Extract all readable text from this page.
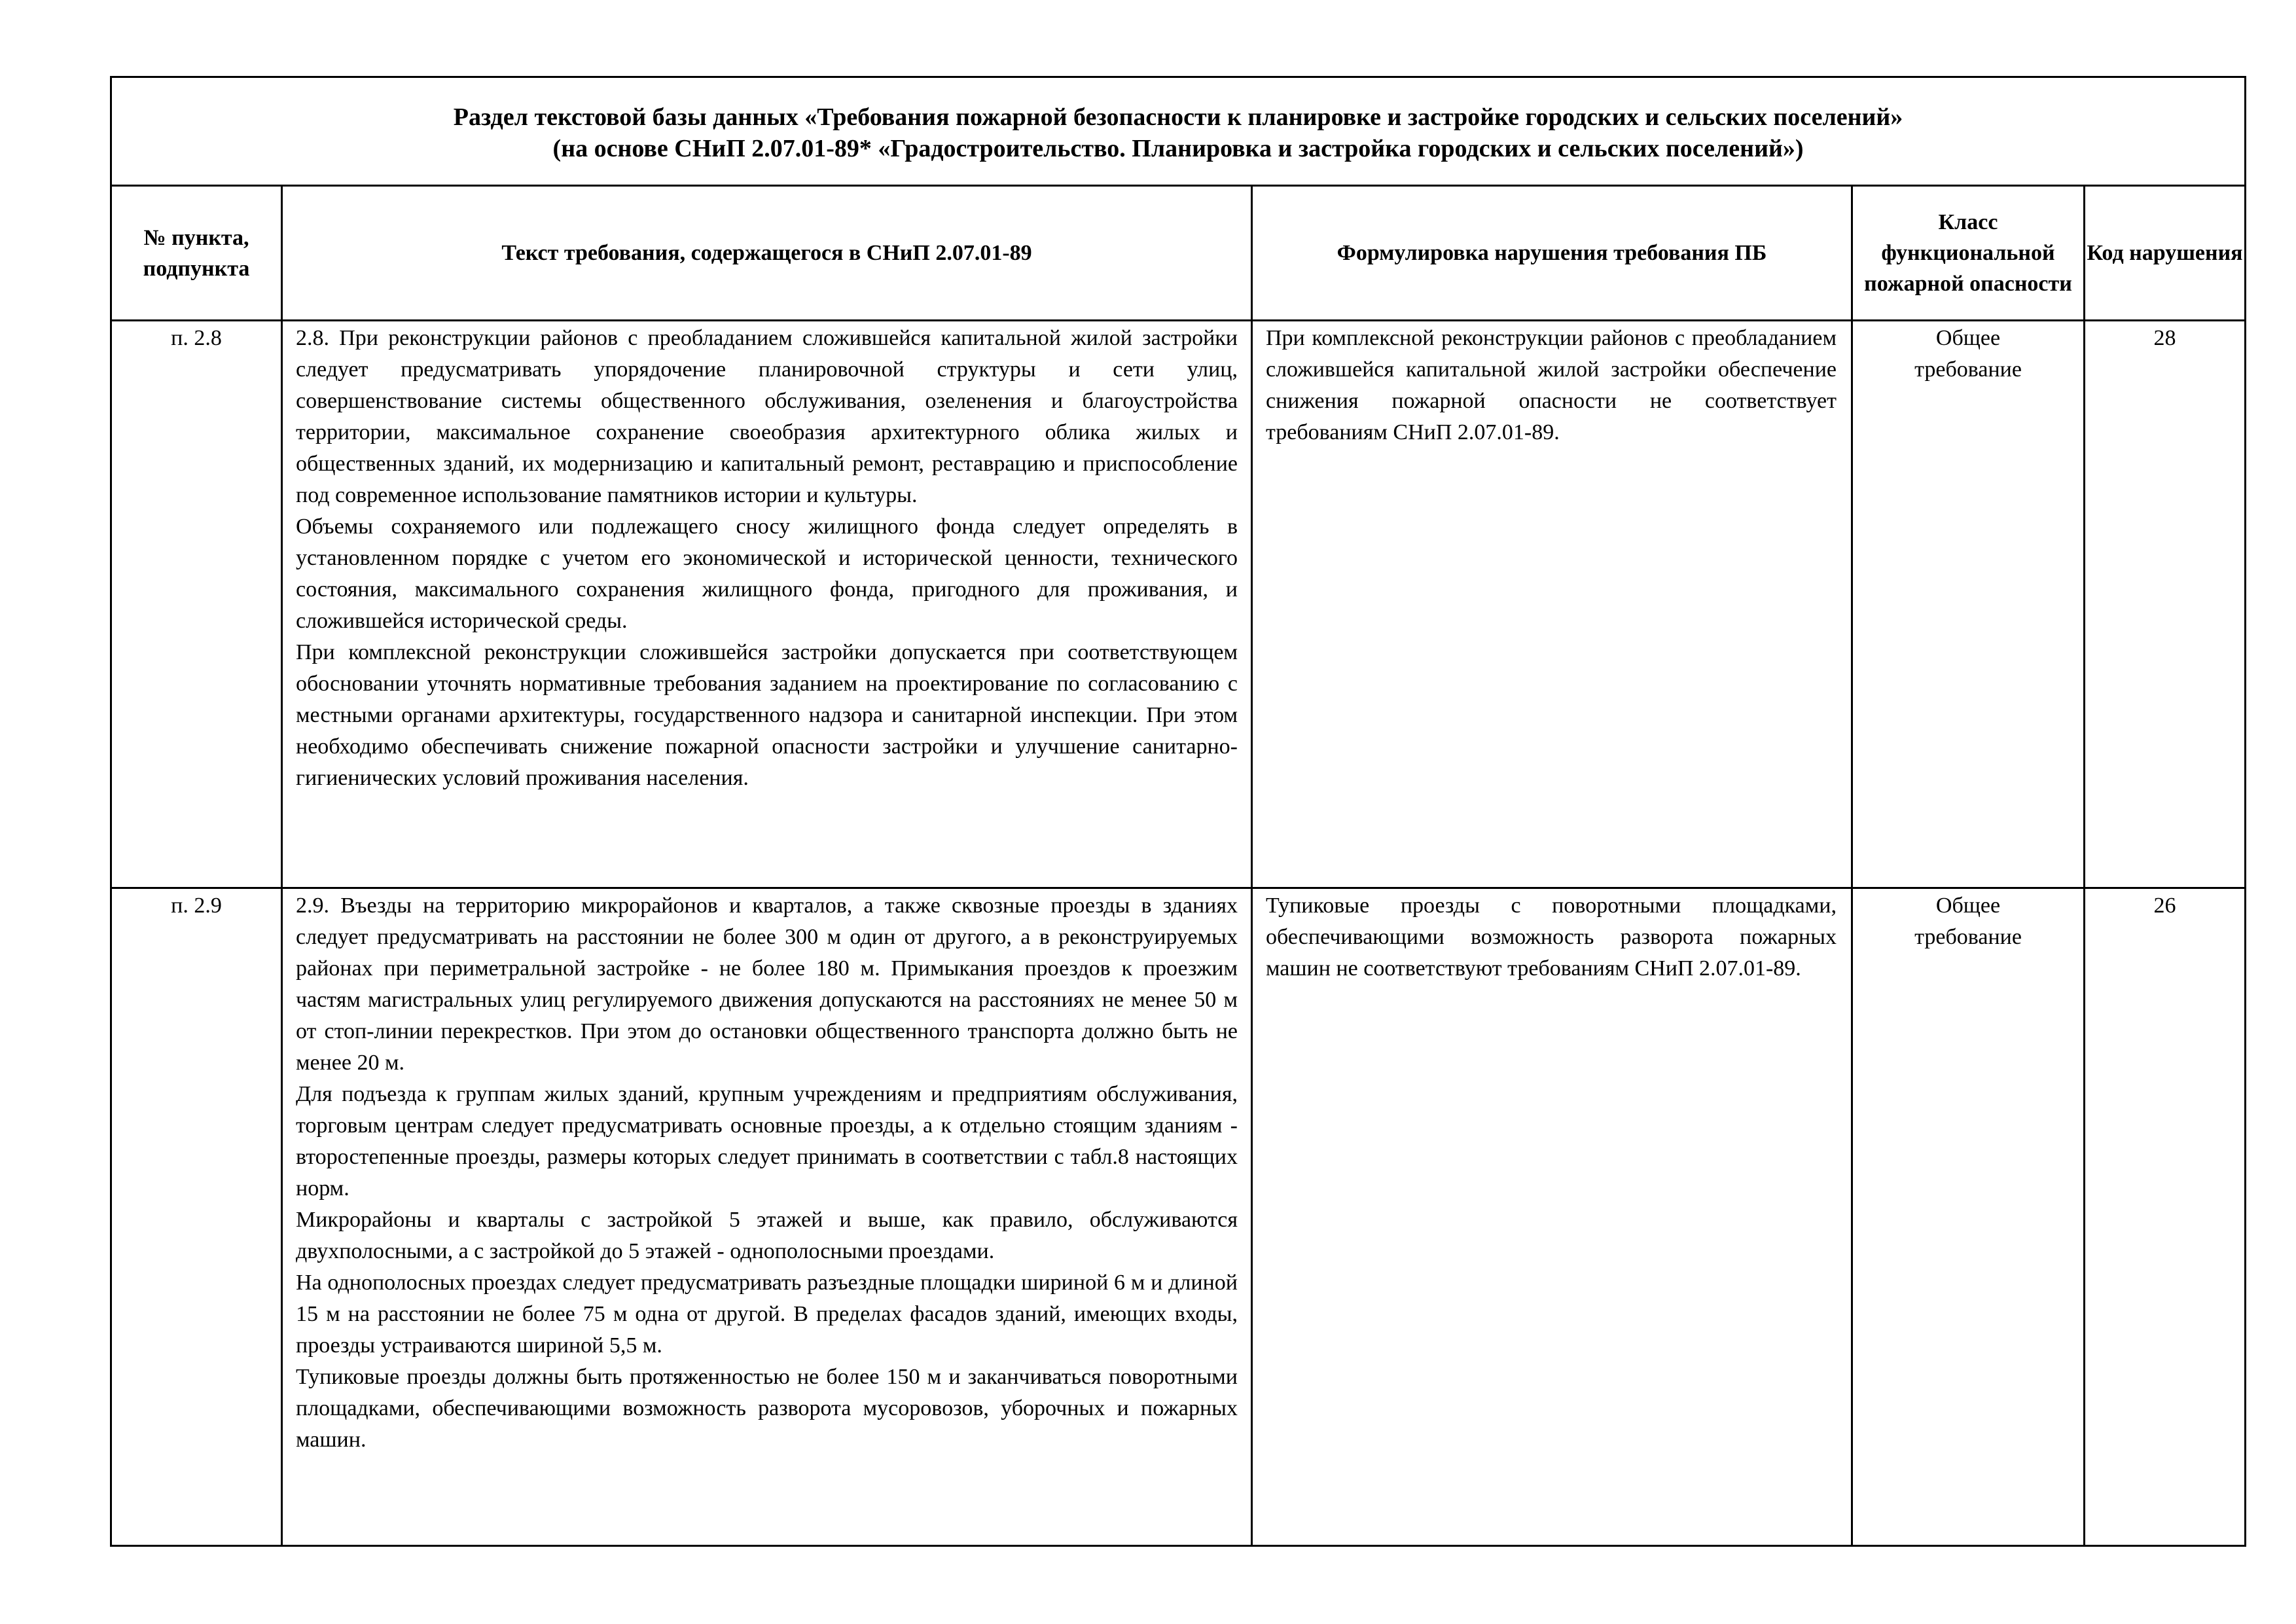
Раздел текстовой базы данных «Требования пожарной безопасности к планировке и застройке городских и сельских поселений»
(на основе СНиП 2.07.01-89* «Градостроительство. Планировка и застройка городских и сельских поселений»)				

№ пункта, подпункта	Текст требования, содержащегося в СНиП 2.07.01-89	Формулировка нарушения требования ПБ	Класс функциональной пожарной опасности	Код нарушения

п. 2.8	2.8. При реконструкции районов с преобладанием сложившейся капитальной жилой застройки следует предусматривать упорядочение планировочной структуры и сети улиц, совершенствование системы общественного обслуживания, озеленения и благоустройства территории, максимальное сохранение своеобразия архитектурного облика жилых и общественных зданий, их модернизацию и капитальный ремонт, реставрацию и приспособление под современное использование памятников истории и культуры.

Объемы сохраняемого или подлежащего сносу жилищного фонда следует определять в установленном порядке с учетом его экономической и исторической ценности, технического состояния, максимального сохранения жилищного фонда, пригодного для проживания, и сложившейся исторической среды.

При комплексной реконструкции сложившейся застройки допускается при соответствующем обосновании уточнять нормативные требования заданием на проектирование по согласованию с местными органами архитектуры, государственного надзора и санитарной инспекции. При этом необходимо обеспечивать снижение пожарной опасности застройки и улучшение санитарно-гигиенических условий проживания населения.	При комплексной реконструкции районов с преобладанием сложившейся капитальной жилой застройки обеспечение снижения пожарной опасности не соответствует требованиям СНиП 2.07.01-89.	Общее требование	28
п. 2.9	2.9. Въезды на территорию микрорайонов и кварталов, а также сквозные проезды в зданиях следует предусматривать на расстоянии не более 300 м один от другого, а в реконструируемых районах при периметральной застройке - не более 180 м. Примыкания проездов к проезжим частям магистральных улиц регулируемого движения допускаются на расстояниях не менее 50 м от стоп-линии перекрестков. При этом до остановки общественного транспорта должно быть не менее 20 м.

Для подъезда к группам жилых зданий, крупным учреждениям и предприятиям обслуживания, торговым центрам следует предусматривать основные проезды, а к отдельно стоящим зданиям - второстепенные проезды, размеры которых следует принимать в соответствии с табл.8 настоящих норм.

Микрорайоны и кварталы с застройкой 5 этажей и выше, как правило, обслуживаются двухполосными, а с застройкой до 5 этажей - однополосными проездами.

На однополосных проездах следует предусматривать разъездные площадки шириной 6 м и длиной 15 м на расстоянии не более 75 м одна от другой. В пределах фасадов зданий, имеющих входы, проезды устраиваются шириной 5,5 м.

Тупиковые проезды должны быть протяженностью не более 150 м и заканчиваться поворотными площадками, обеспечивающими возможность разворота мусоровозов, уборочных и пожарных машин.	Тупиковые проезды с поворотными площадками, обеспечивающими возможность разворота пожарных машин не соответствуют требованиям СНиП 2.07.01-89.	Общее требование	26
